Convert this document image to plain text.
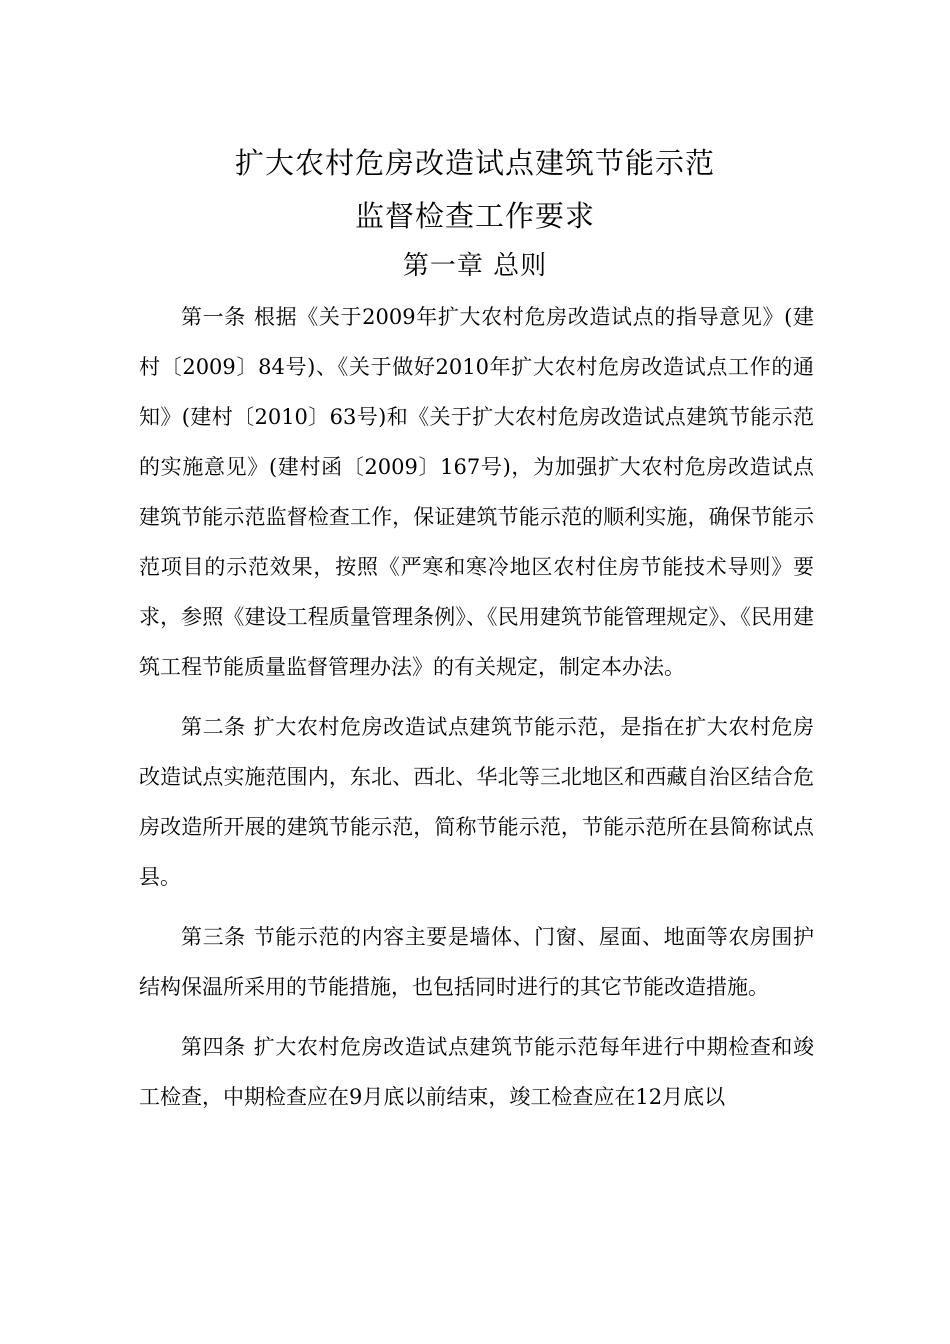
扩大农村危房改造试点建筑节能示范
监督检查工作要求
第一章 总则

第一条 根据《关于2009年扩大农村危房改造试点的指导意见》(建村〔2009〕84号)、《关于做好2010年扩大农村危房改造试点工作的通知》(建村〔2010〕63号)和《关于扩大农村危房改造试点建筑节能示范的实施意见》(建村函〔2009〕167号)，为加强扩大农村危房改造试点建筑节能示范监督检查工作，保证建筑节能示范的顺利实施，确保节能示范项目的示范效果，按照《严寒和寒冷地区农村住房节能技术导则》要求，参照《建设工程质量管理条例》、《民用建筑节能管理规定》、《民用建筑工程节能质量监督管理办法》的有关规定，制定本办法。

第二条 扩大农村危房改造试点建筑节能示范，是指在扩大农村危房改造试点实施范围内，东北、西北、华北等三北地区和西藏自治区结合危房改造所开展的建筑节能示范，简称节能示范，节能示范所在县简称试点县。

第三条 节能示范的内容主要是墙体、门窗、屋面、地面等农房围护结构保温所采用的节能措施，也包括同时进行的其它节能改造措施。

第四条 扩大农村危房改造试点建筑节能示范每年进行中期检查和竣工检查，中期检查应在9月底以前结束，竣工检查应在12月底以
